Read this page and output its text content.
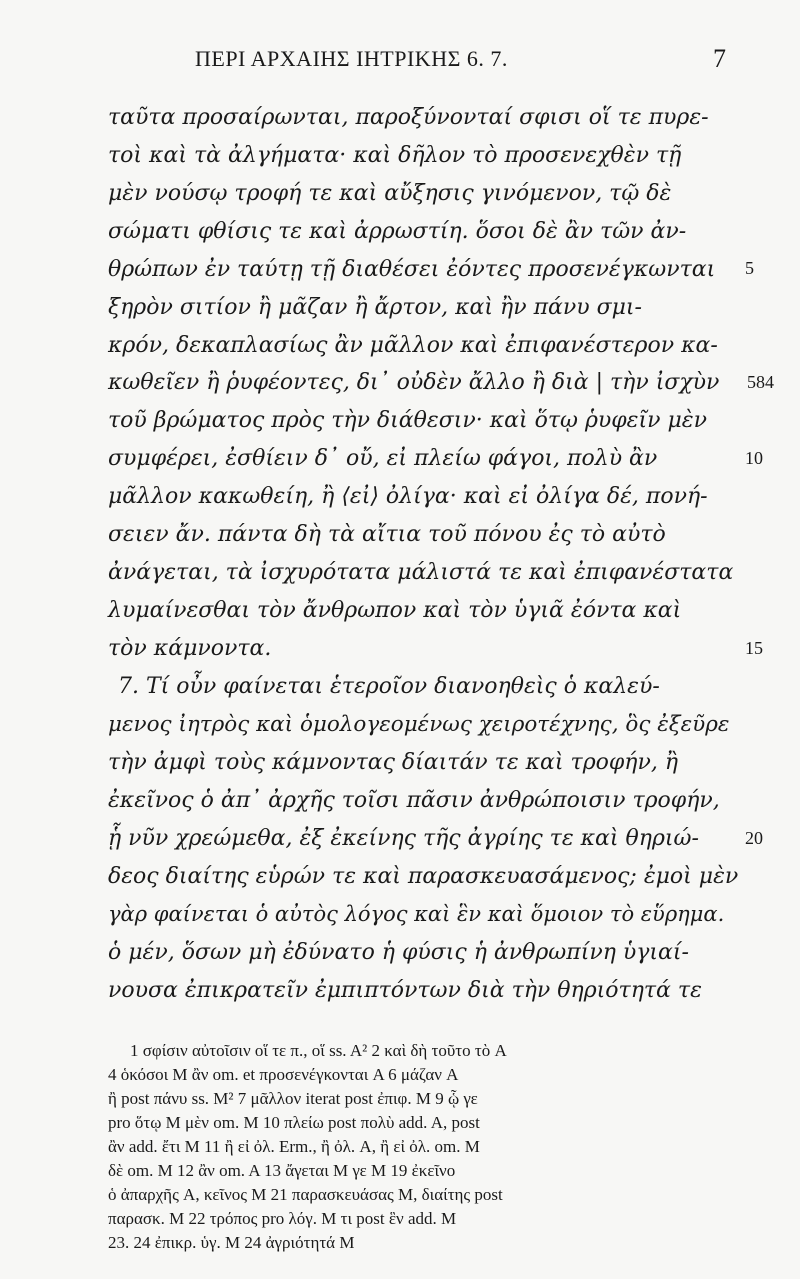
ΠΕΡΙ ΑΡΧΑΙΗΣ ΙΗΤΡΙΚΗΣ 6. 7.	7
ταῦτα προσαίρωνται, παροξύνονταί σφισι οἵ τε πυρε-
τοὶ καὶ τὰ ἀλγήματα· καὶ δῆλον τὸ προσενεχθὲν τῇ
μὲν νούσῳ τροφή τε καὶ αὔξησις γινόμενον, τῷ δὲ
σώματι φθίσις τε καὶ ἀρρωστίη. ὅσοι δὲ ἂν τῶν ἀν-
θρώπων ἐν ταύτῃ τῇ διαθέσει ἐόντες προσενέγκωνται
ξηρὸν σιτίον ἢ μᾶζαν ἢ ἄρτον, καὶ ἢν πάνυ σμι-
κρόν, δεκαπλασίως ἂν μᾶλλον καὶ ἐπιφανέστερον κα-
κωθεῖεν ἢ ῥυφέοντες, δι᾽ οὐδὲν ἄλλο ἢ διὰ | τὴν ἰσχὺν
τοῦ βρώματος πρὸς τὴν διάθεσιν· καὶ ὅτῳ ῥυφεῖν μὲν
συμφέρει, ἐσθίειν δ᾽ οὔ, εἰ πλείω φάγοι, πολὺ ἂν
μᾶλλον κακωθείη, ἢ ⟨εἰ⟩ ὀλίγα· καὶ εἰ ὀλίγα δέ, πονή-
σειεν ἄν. πάντα δὴ τὰ αἴτια τοῦ πόνου ἐς τὸ αὐτὸ
ἀνάγεται, τὰ ἰσχυρότατα μάλιστά τε καὶ ἐπιφανέστατα
λυμαίνεσθαι τὸν ἄνθρωπον καὶ τὸν ὑγιᾶ ἐόντα καὶ
τὸν κάμνοντα.
7. Τί οὖν φαίνεται ἑτεροῖον διανοηθεὶς ὁ καλεύ-
μενος ἰητρὸς καὶ ὁμολογεομένως χειροτέχνης, ὃς ἐξεῦρε
τὴν ἀμφὶ τοὺς κάμνοντας δίαιτάν τε καὶ τροφήν, ἢ
ἐκεῖνος ὁ ἀπ᾽ ἀρχῆς τοῖσι πᾶσιν ἀνθρώποισιν τροφήν,
ᾗ νῦν χρεώμεθα, ἐξ ἐκείνης τῆς ἀγρίης τε καὶ θηριώ-
δεος διαίτης εὑρών τε καὶ παρασκευασάμενος; ἐμοὶ μὲν
γὰρ φαίνεται ὁ αὐτὸς λόγος καὶ ἓν καὶ ὅμοιον τὸ εὕρημα.
ὁ μέν, ὅσων μὴ ἐδύνατο ἡ φύσις ἡ ἀνθρωπίνη ὑγιαί-
νουσα ἐπικρατεῖν ἐμπιπτόντων διὰ τὴν θηριότητά τε
5
584
10
15
20
1 σφίσιν αὐτοῖσιν οἵ τε π., οἵ ss. A² 2 καὶ δὴ τοῦτο τὸ A
4 ὁκόσοι M ἂν om. et προσενέγκονται A 6 μάζαν A
ἢ post πάνυ ss. M² 7 μᾶλλον iterat post ἐπιφ. M 9 ᾧ γε
pro ὅτῳ M μὲν om. M 10 πλείω post πολὺ add. A, post
ἂν add. ἔτι M 11 ἢ εἰ ὀλ. Erm., ἢ ὀλ. A, ἢ εἰ ὀλ. om. M
δὲ om. M 12 ἂν om. A 13 ἄγεται M γε M 19 ἐκεῖνο
ὁ ἀπαρχῆς A, κεῖνος M 21 παρασκευάσας M, διαίτης post
παρασκ. M 22 τρόπος pro λόγ. M τι post ἓν add. M
23. 24 ἐπικρ. ὑγ. M 24 ἀγριότητά M
